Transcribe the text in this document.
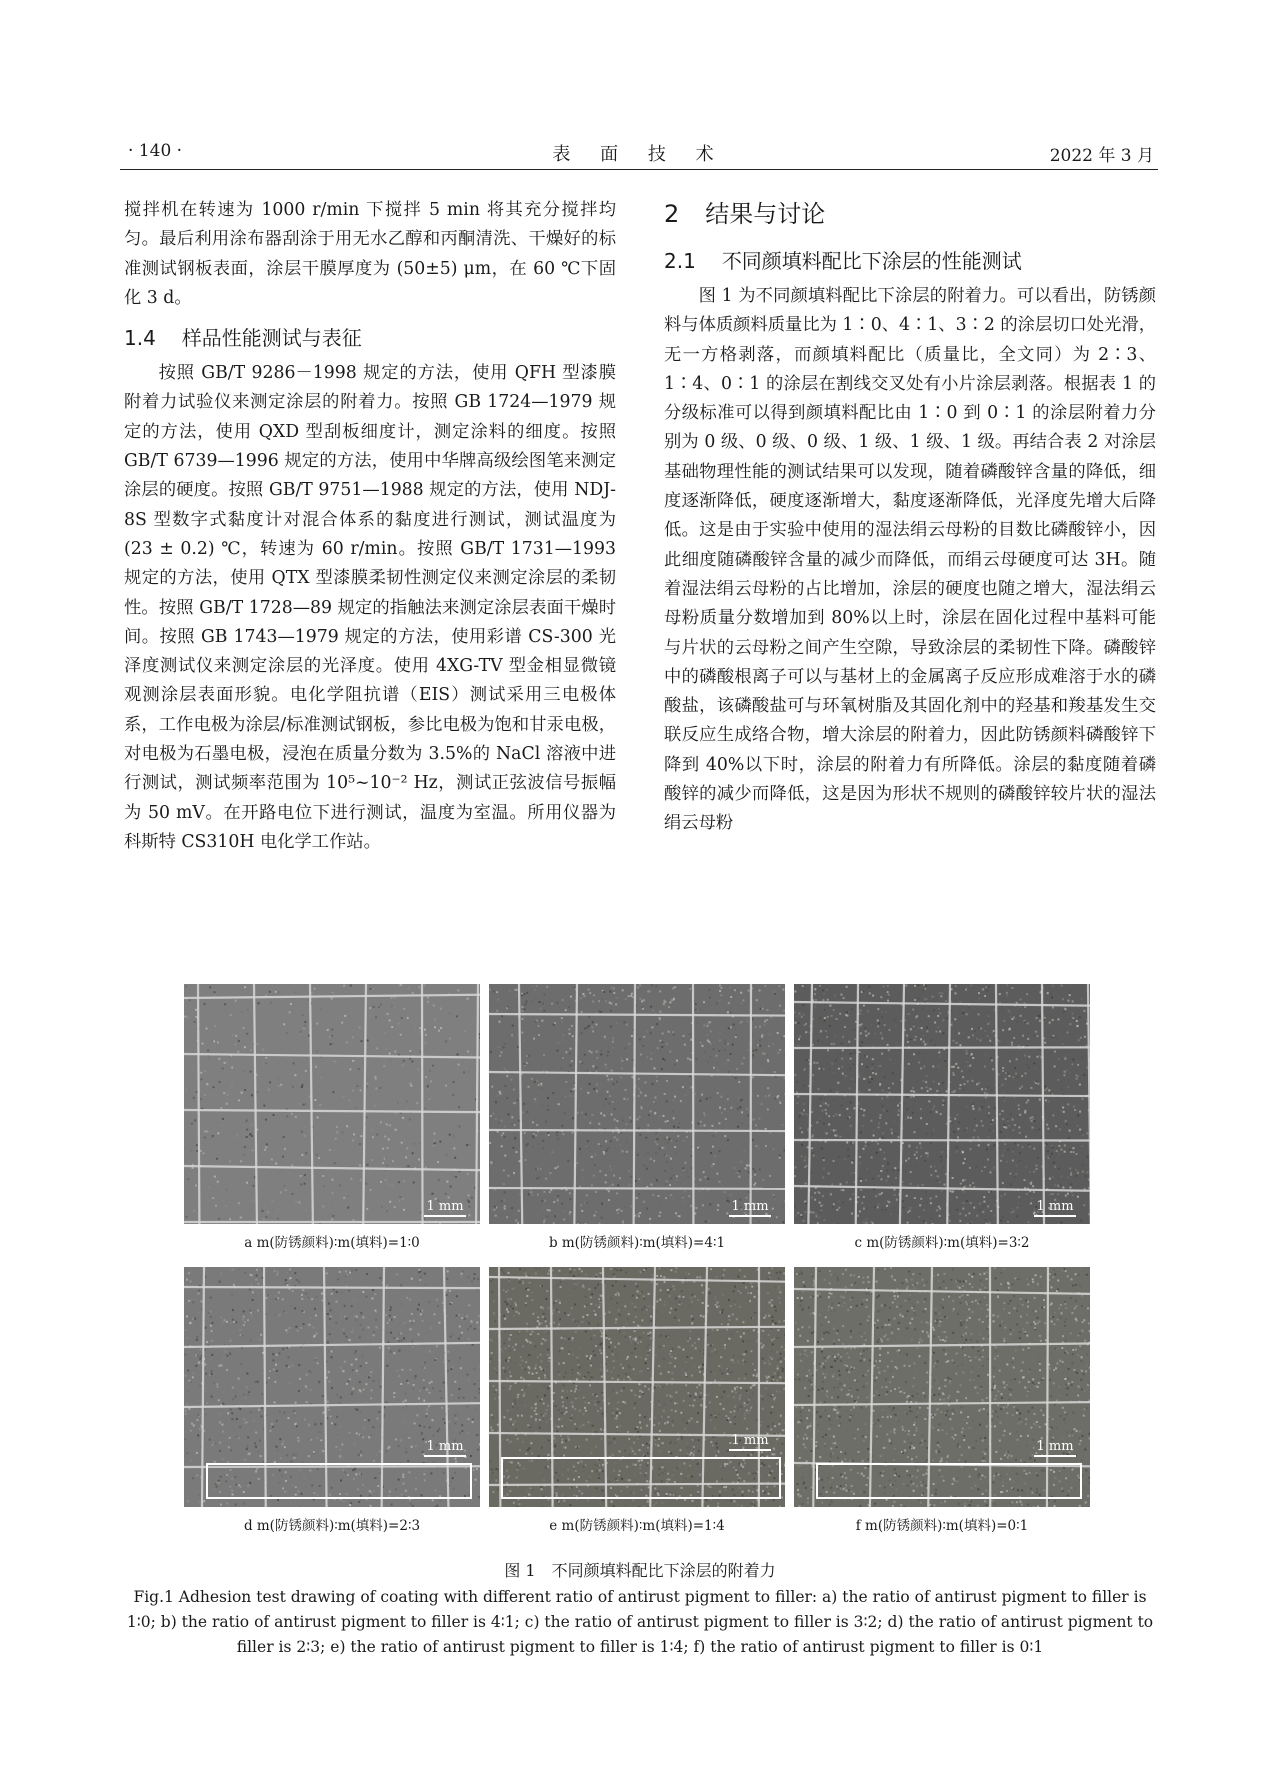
· 140 ·	表 面 技 术	2022 年 3 月

搅拌机在转速为 1000 r/min 下搅拌 5 min 将其充分搅拌均匀。最后利用涂布器刮涂于用无水乙醇和丙酮清洗、干燥好的标准测试钢板表面，涂层干膜厚度为 (50±5) μm，在 60 ℃下固化 3 d。

1.4 样品性能测试与表征

按照 GB/T 9286－1998 规定的方法，使用 QFH 型漆膜附着力试验仪来测定涂层的附着力。按照 GB 1724—1979 规定的方法，使用 QXD 型刮板细度计，测定涂料的细度。按照 GB/T 6739—1996 规定的方法，使用中华牌高级绘图笔来测定涂层的硬度。按照 GB/T 9751—1988 规定的方法，使用 NDJ-8S 型数字式黏度计对混合体系的黏度进行测试，测试温度为 (23 ± 0.2) ℃，转速为 60 r/min。按照 GB/T 1731—1993 规定的方法，使用 QTX 型漆膜柔韧性测定仪来测定涂层的柔韧性。按照 GB/T 1728—89 规定的指触法来测定涂层表面干燥时间。按照 GB 1743—1979 规定的方法，使用彩谱 CS-300 光泽度测试仪来测定涂层的光泽度。使用 4XG-TV 型金相显微镜观测涂层表面形貌。电化学阻抗谱（EIS）测试采用三电极体系，工作电极为涂层/标准测试钢板，参比电极为饱和甘汞电极，对电极为石墨电极，浸泡在质量分数为 3.5%的 NaCl 溶液中进行测试，测试频率范围为 10⁵~10⁻² Hz，测试正弦波信号振幅为 50 mV。在开路电位下进行测试，温度为室温。所用仪器为科斯特 CS310H 电化学工作站。

2 结果与讨论

2.1 不同颜填料配比下涂层的性能测试

图 1 为不同颜填料配比下涂层的附着力。可以看出，防锈颜料与体质颜料质量比为 1∶0、4∶1、3∶2 的涂层切口处光滑，无一方格剥落，而颜填料配比（质量比，全文同）为 2∶3、1∶4、0∶1 的涂层在割线交叉处有小片涂层剥落。根据表 1 的分级标准可以得到颜填料配比由 1∶0 到 0∶1 的涂层附着力分别为 0 级、0 级、0 级、1 级、1 级、1 级。再结合表 2 对涂层基础物理性能的测试结果可以发现，随着磷酸锌含量的降低，细度逐渐降低，硬度逐渐增大，黏度逐渐降低，光泽度先增大后降低。这是由于实验中使用的湿法绢云母粉的目数比磷酸锌小，因此细度随磷酸锌含量的减少而降低，而绢云母硬度可达 3H。随着湿法绢云母粉的占比增加，涂层的硬度也随之增大，湿法绢云母粉质量分数增加到 80%以上时，涂层在固化过程中基料可能与片状的云母粉之间产生空隙，导致涂层的柔韧性下降。磷酸锌中的磷酸根离子可以与基材上的金属离子反应形成难溶于水的磷酸盐，该磷酸盐可与环氧树脂及其固化剂中的羟基和羧基发生交联反应生成络合物，增大涂层的附着力，因此防锈颜料磷酸锌下降到 40%以下时，涂层的附着力有所降低。涂层的黏度随着磷酸锌的减少而降低，这是因为形状不规则的磷酸锌较片状的湿法绢云母粉

1 mm
a m(防锈颜料)∶m(填料)=1∶0
1 mm
b m(防锈颜料)∶m(填料)=4∶1
1 mm
c m(防锈颜料)∶m(填料)=3∶2
1 mm
d m(防锈颜料)∶m(填料)=2∶3
1 mm
e m(防锈颜料)∶m(填料)=1∶4
1 mm
f m(防锈颜料)∶m(填料)=0∶1
图 1 不同颜填料配比下涂层的附着力
Fig.1 Adhesion test drawing of coating with different ratio of antirust pigment to filler: a) the ratio of antirust pigment to filler is 1∶0; b) the ratio of antirust pigment to filler is 4∶1; c) the ratio of antirust pigment to filler is 3∶2; d) the ratio of antirust pigment to filler is 2∶3; e) the ratio of antirust pigment to filler is 1∶4; f) the ratio of antirust pigment to filler is 0∶1
